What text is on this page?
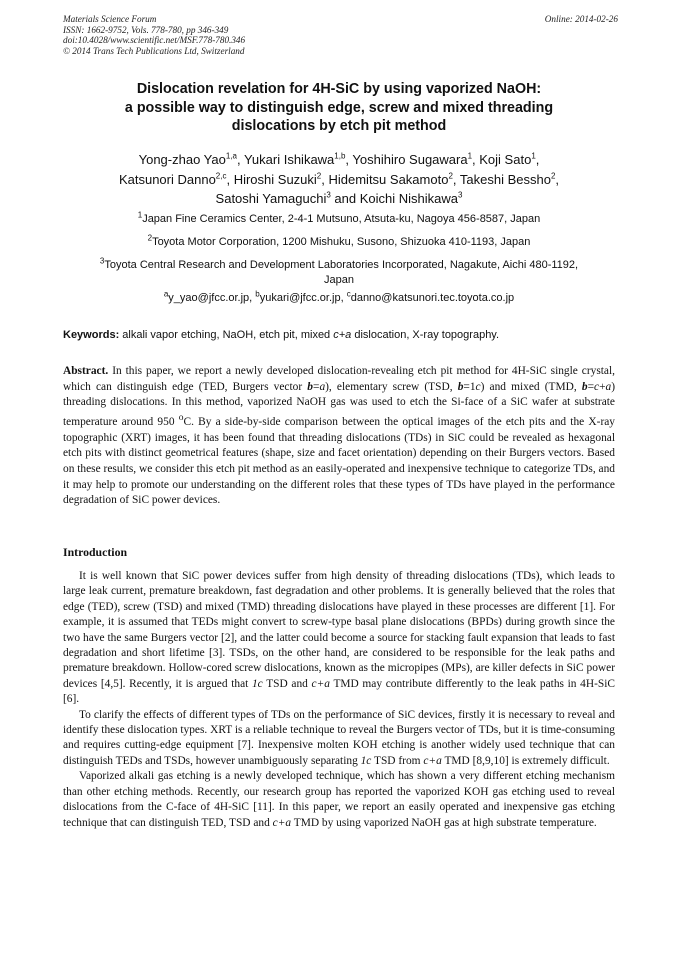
Materials Science Forum
ISSN: 1662-9752, Vols. 778-780, pp 346-349
doi:10.4028/www.scientific.net/MSF.778-780.346
© 2014 Trans Tech Publications Ltd, Switzerland
Online: 2014-02-26
Dislocation revelation for 4H-SiC by using vaporized NaOH:
a possible way to distinguish edge, screw and mixed threading
dislocations by etch pit method
Yong-zhao Yao$^{1,a}$, Yukari Ishikawa$^{1,b}$, Yoshihiro Sugawara$^1$, Koji Sato$^1$,
Katsunori Danno$^{2,c}$, Hiroshi Suzuki$^2$, Hidemitsu Sakamoto$^2$, Takeshi Bessho$^2$,
Satoshi Yamaguchi$^3$ and Koichi Nishikawa$^3$
$^1$Japan Fine Ceramics Center, 2-4-1 Mutsuno, Atsuta-ku, Nagoya 456-8587, Japan
$^2$Toyota Motor Corporation, 1200 Mishuku, Susono, Shizuoka 410-1193, Japan
$^3$Toyota Central Research and Development Laboratories Incorporated, Nagakute, Aichi 480-1192,
Japan
$^a$y_yao@jfcc.or.jp, $^b$yukari@jfcc.or.jp, $^c$danno@katsunori.tec.toyota.co.jp
Keywords: alkali vapor etching, NaOH, etch pit, mixed c+a dislocation, X-ray topography.

Abstract. In this paper, we report a newly developed dislocation-revealing etch pit method for 4H-SiC single crystal, which can distinguish edge (TED, Burgers vector b=a), elementary screw (TSD, b=1c) and mixed (TMD, b=c+a) threading dislocations. In this method, vaporized NaOH gas was used to etch the Si-face of a SiC wafer at substrate temperature around 950 $^o$C. By a side-by-side comparison between the optical images of the etch pits and the X-ray topographic (XRT) images, it has been found that threading dislocations (TDs) in SiC could be revealed as hexagonal etch pits with distinct geometrical features (shape, size and facet orientation) depending on their Burgers vectors. Based on these results, we consider this etch pit method as an easily-operated and inexpensive technique to categorize TDs, and it may help to promote our understanding on the different roles that these types of TDs have played in the performance degradation of SiC power devices.

Introduction

It is well known that SiC power devices suffer from high density of threading dislocations (TDs), which leads to large leak current, premature breakdown, fast degradation and other problems. It is generally believed that the roles that edge (TED), screw (TSD) and mixed (TMD) threading dislocations have played in these processes are different [1]. For example, it is assumed that TEDs might convert to screw-type basal plane dislocations (BPDs) during growth since the two have the same Burgers vector [2], and the latter could become a source for stacking fault expansion that leads to fast degradation and short lifetime [3]. TSDs, on the other hand, are considered to be responsible for the leak paths and premature breakdown. Hollow-cored screw dislocations, known as the micropipes (MPs), are killer defects in SiC power devices [4,5]. Recently, it is argued that 1c TSD and c+a TMD may contribute differently to the leak paths in 4H-SiC [6].

To clarify the effects of different types of TDs on the performance of SiC devices, firstly it is necessary to reveal and identify these dislocation types. XRT is a reliable technique to reveal the Burgers vector of TDs, but it is time-consuming and requires cutting-edge equipment [7]. Inexpensive molten KOH etching is another widely used technique that can distinguish TEDs and TSDs, however unambiguously separating 1c TSD from c+a TMD [8,9,10] is extremely difficult.

Vaporized alkali gas etching is a newly developed technique, which has shown a very different etching mechanism than other etching methods. Recently, our research group has reported the vaporized KOH gas etching used to reveal dislocations from the C-face of 4H-SiC [11]. In this paper, we report an easily operated and inexpensive gas etching technique that can distinguish TED, TSD and c+a TMD by using vaporized NaOH gas at high substrate temperature.
